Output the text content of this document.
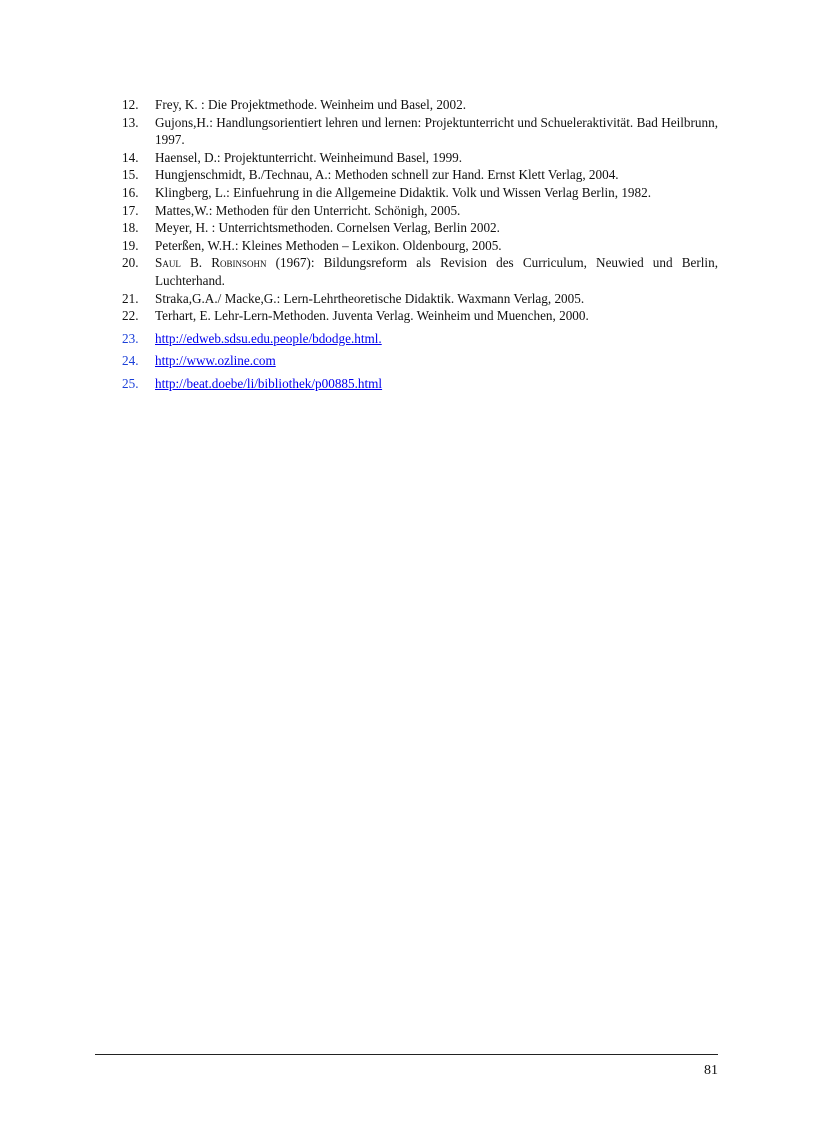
12.	Frey, K. : Die Projektmethode. Weinheim und Basel, 2002.
13.	Gujons,H.: Handlungsorientiert lehren und lernen: Projektunterricht und Schueleraktivität. Bad Heilbrunn, 1997.
14.	Haensel, D.: Projektunterricht. Weinheimund Basel, 1999.
15.	Hungjenschmidt, B./Technau, A.: Methoden schnell zur Hand. Ernst Klett Verlag, 2004.
16.	Klingberg, L.: Einfuehrung in die Allgemeine Didaktik. Volk und Wissen Verlag Berlin, 1982.
17.	Mattes,W.: Methoden für den Unterricht. Schönigh, 2005.
18.	Meyer, H. : Unterrichtsmethoden. Cornelsen Verlag, Berlin 2002.
19.	Peterßen, W.H.: Kleines Methoden – Lexikon. Oldenbourg, 2005.
20.	Saul B. Robinsohn (1967): Bildungsreform als Revision des Curriculum, Neuwied und Berlin, Luchterhand.
21.	Straka,G.A./ Macke,G.: Lern-Lehrtheoretische Didaktik. Waxmann Verlag, 2005.
22.	Terhart, E. Lehr-Lern-Methoden. Juventa Verlag. Weinheim und Muenchen, 2000.
23.	http://edweb.sdsu.edu.people/bdodge.html.
24.	http://www.ozline.com
25.	http://beat.doebe/li/bibliothek/p00885.html
81
